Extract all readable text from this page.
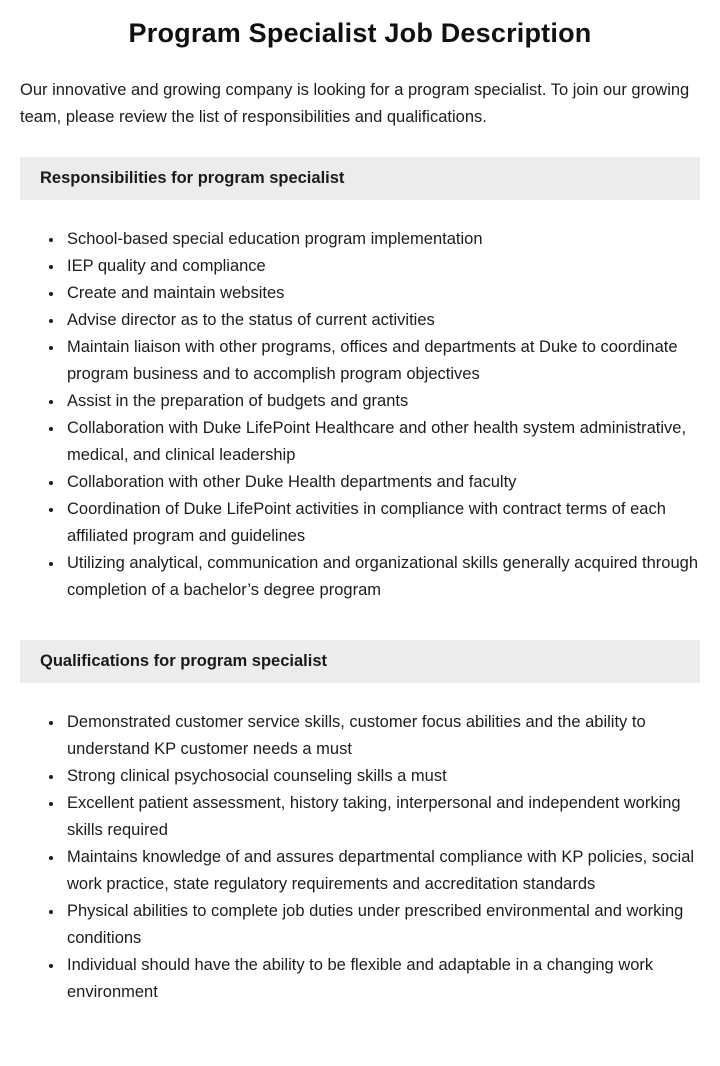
Program Specialist Job Description

Our innovative and growing company is looking for a program specialist. To join our growing team, please review the list of responsibilities and qualifications.

Responsibilities for program specialist
• School-based special education program implementation
• IEP quality and compliance
• Create and maintain websites
• Advise director as to the status of current activities
• Maintain liaison with other programs, offices and departments at Duke to coordinate program business and to accomplish program objectives
• Assist in the preparation of budgets and grants
• Collaboration with Duke LifePoint Healthcare and other health system administrative, medical, and clinical leadership
• Collaboration with other Duke Health departments and faculty
• Coordination of Duke LifePoint activities in compliance with contract terms of each affiliated program and guidelines
• Utilizing analytical, communication and organizational skills generally acquired through completion of a bachelor’s degree program
Qualifications for program specialist
• Demonstrated customer service skills, customer focus abilities and the ability to understand KP customer needs a must
• Strong clinical psychosocial counseling skills a must
• Excellent patient assessment, history taking, interpersonal and independent working skills required
• Maintains knowledge of and assures departmental compliance with KP policies, social work practice, state regulatory requirements and accreditation standards
• Physical abilities to complete job duties under prescribed environmental and working conditions
• Individual should have the ability to be flexible and adaptable in a changing work environment
